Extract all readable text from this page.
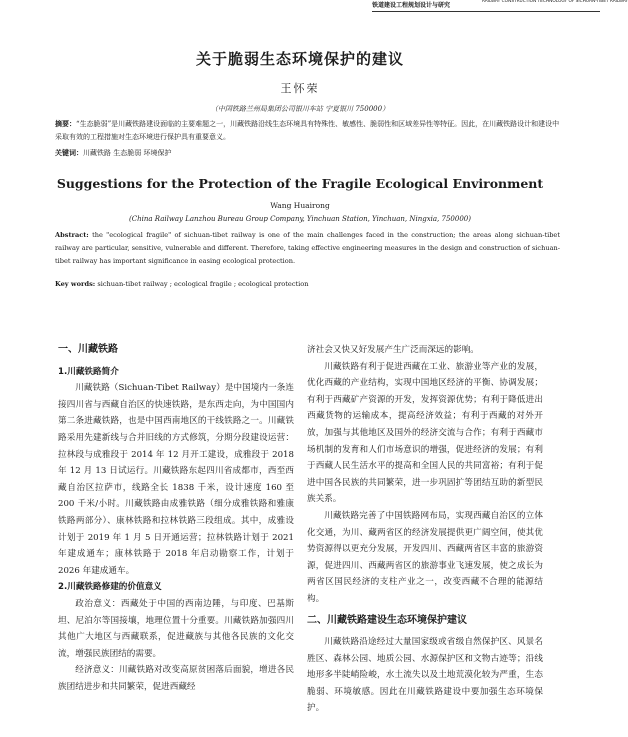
铁道建设工程规划设计与研究
RAILWAY CONSTRUCTION TECHNOLOGY OF SICHUAN-TIBET RAILWAY
关于脆弱生态环境保护的建议
王怀荣
（中国铁路兰州局集团公司银川车站 宁夏银川 750000）
摘要：“生态脆弱”是川藏铁路建设面临的主要难题之一，川藏铁路沿线生态环境具有特殊性、敏感性、脆弱性和区域差异性等特征。因此，在川藏铁路设计和建设中采取有效的工程措施对生态环境进行保护具有重要意义。
关键词：川藏铁路 生态脆弱 环境保护
Suggestions for the Protection of the Fragile Ecological Environment
Wang Huairong
(China Railway Lanzhou Bureau Group Company, Yinchuan Station, Yinchuan, Ningxia, 750000)
Abstract: the "ecological fragile" of sichuan-tibet railway is one of the main challenges faced in the construction; the areas along sichuan-tibet railway are particular, sensitive, vulnerable and different. Therefore, taking effective engineering measures in the design and construction of sichuan-tibet railway has important significance in easing ecological protection.
Key words: sichuan-tibet railway ; ecological fragile ; ecological protection
一、川藏铁路
1.川藏铁路简介

川藏铁路（Sichuan-Tibet Railway）是中国境内一条连接四川省与西藏自治区的快速铁路，是东西走向，为中国国内第二条进藏铁路，也是中国西南地区的干线铁路之一。川藏铁路采用先建新线与合并旧线的方式修筑，分期分段建设运营：拉林段与成雅段于 2014 年 12 月开工建设，成雅段于 2018 年 12 月 13 日试运行。川藏铁路东起四川省成都市，西至西藏自治区拉萨市，线路全长 1838 千米，设计速度 160 至 200 千米/小时。川藏铁路由成雅铁路（细分成雅铁路和雅康铁路两部分）、康林铁路和拉林铁路三段组成。其中，成雅设计划于 2019 年 1 月 5 日开通运营；拉林铁路计划于 2021 年建成通车；康林铁路于 2018 年启动勘察工作，计划于 2026 年建成通车。

2.川藏铁路修建的价值意义

政治意义：西藏处于中国的西南边陲，与印度、巴基斯坦、尼泊尔等国接壤，地理位置十分重要。川藏铁路加强四川其他广大地区与西藏联系，促进藏族与其他各民族的文化交流，增强民族团结的需要。

经济意义：川藏铁路对改变高原贫困落后面貌，增进各民族团结进步和共同繁荣，促进西藏经

济社会又快又好发展产生广泛而深远的影响。

川藏铁路有利于促进西藏在工业、旅游业等产业的发展，优化西藏的产业结构，实现中国地区经济的平衡、协调发展；有利于西藏矿产资源的开发，发挥资源优势；有利于降低进出西藏货物的运输成本，提高经济效益；有利于西藏的对外开放，加强与其他地区及国外的经济交流与合作；有利于西藏市场机制的发育和人们市场意识的增强，促进经济的发展；有利于西藏人民生活水平的提高和全国人民的共同富裕；有利于促进中国各民族的共同繁荣，进一步巩固扩等团结互助的新型民族关系。

川藏铁路完善了中国铁路网布局，实现西藏自治区的立体化交通，为川、藏两省区的经济发展提供更广阔空间，使其优势资源得以更充分发展，开发四川、西藏两省区丰富的旅游资源，促进四川、西藏两省区的旅游事业飞速发展，使之成长为两省区国民经济的支柱产业之一，改变西藏不合理的能源结构。

二、川藏铁路建设生态环境保护建议

川藏铁路沿途经过大量国家级或省级自然保护区、风景名胜区、森林公园、地质公园、水源保护区和文物古迹等；沿线地形多半陡峭险峻，水土流失以及土地荒漠化较为严重，生态脆弱、环境敏感。因此在川藏铁路建设中要加强生态环境保护。
